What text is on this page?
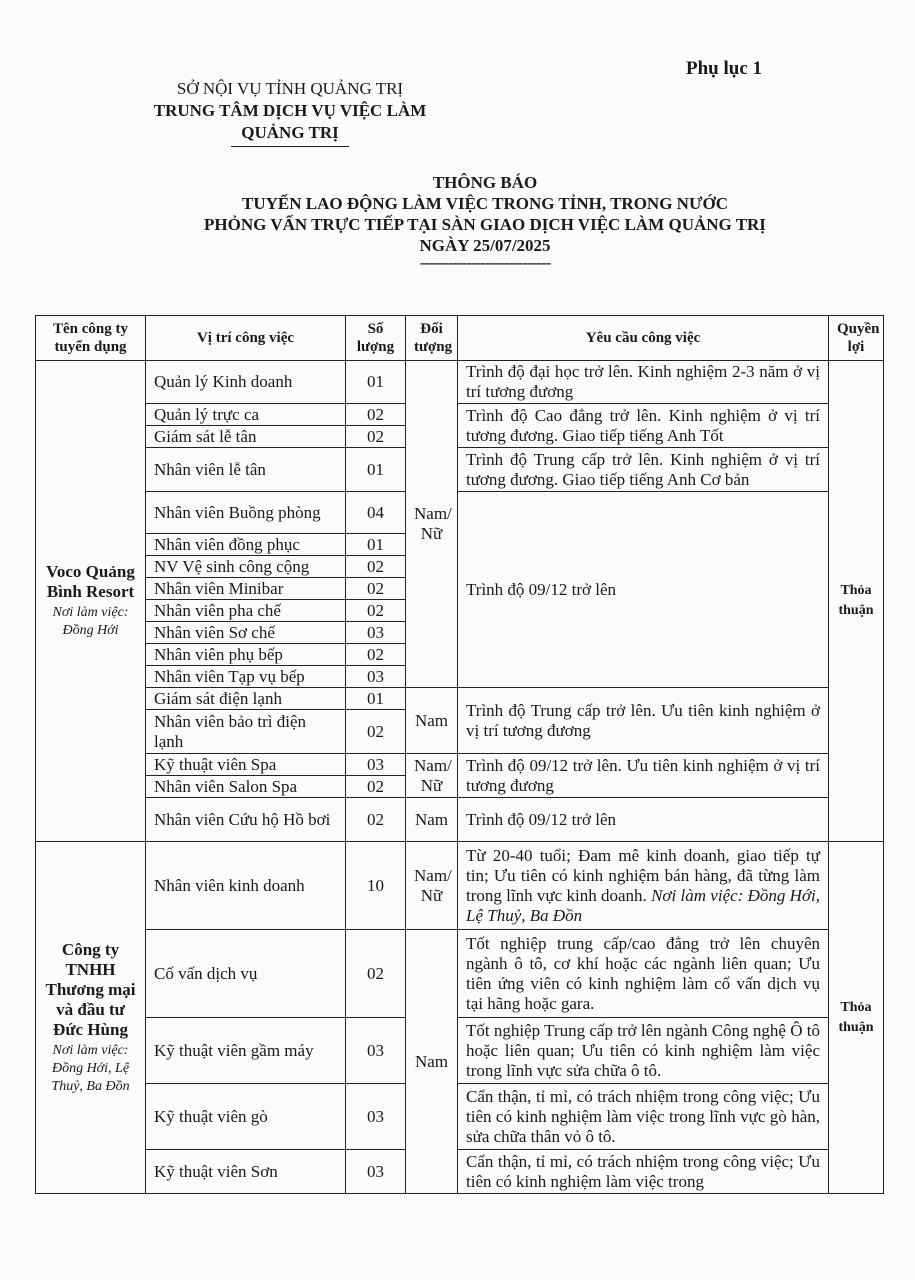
Phụ lục 1
SỞ NỘI VỤ TỈNH QUẢNG TRỊ
TRUNG TÂM DỊCH VỤ VIỆC LÀM
QUẢNG TRỊ
THÔNG BÁO
TUYỂN LAO ĐỘNG LÀM VIỆC TRONG TỈNH, TRONG NƯỚC
PHỎNG VẤN TRỰC TIẾP TẠI SÀN GIAO DỊCH VIỆC LÀM QUẢNG TRỊ
NGÀY 25/07/2025
----------------------------
Tên công ty tuyển dụng	Vị trí công việc	Số lượng	Đối tượng	Yêu cầu công việc	Quyền lợi
Voco Quảng Bình Resort
Nơi làm việc: Đồng Hới	Quản lý Kinh doanh	01	Nam/ Nữ	Trình độ đại học trở lên. Kinh nghiệm 2-3 năm ở vị trí tương đương	Thỏa thuận
	Quản lý trực ca	02		Trình độ Cao đẳng trở lên. Kinh nghiệm ở vị trí tương đương. Giao tiếp tiếng Anh Tốt	
	Giám sát lễ tân	02			
	Nhân viên lễ tân	01		Trình độ Trung cấp trở lên. Kinh nghiệm ở vị trí tương đương. Giao tiếp tiếng Anh Cơ bản	
	Nhân viên Buồng phòng	04		Trình độ 09/12 trở lên	
	Nhân viên đồng phục	01			
	NV Vệ sinh công cộng	02			
	Nhân viên Minibar	02			
	Nhân viên pha chế	02			
	Nhân viên Sơ chế	03			
	Nhân viên phụ bếp	02			
	Nhân viên Tạp vụ bếp	03			
	Giám sát điện lạnh	01	Nam	Trình độ Trung cấp trở lên. Ưu tiên kinh nghiệm ở vị trí tương đương	
	Nhân viên bảo trì điện lạnh	02			
	Kỹ thuật viên Spa	03	Nam/ Nữ	Trình độ 09/12 trở lên. Ưu tiên kinh nghiệm ở vị trí tương đương	
	Nhân viên Salon Spa	02			
	Nhân viên Cứu hộ Hồ bơi	02	Nam	Trình độ 09/12 trở lên	
Công ty TNHH Thương mại và đầu tư Đức Hùng
Nơi làm việc: Đồng Hới, Lệ Thuỷ, Ba Đồn	Nhân viên kinh doanh	10	Nam/ Nữ	Từ 20-40 tuổi; Đam mê kinh doanh, giao tiếp tự tin; Ưu tiên có kinh nghiệm bán hàng, đã từng làm trong lĩnh vực kinh doanh. Nơi làm việc: Đồng Hới, Lệ Thuỷ, Ba Đồn	Thỏa thuận
	Cố vấn dịch vụ	02	Nam	Tốt nghiệp trung cấp/cao đẳng trở lên chuyên ngành ô tô, cơ khí hoặc các ngành liên quan; Ưu tiên ứng viên có kinh nghiệm làm cố vấn dịch vụ tại hãng hoặc gara.	
	Kỹ thuật viên gầm máy	03		Tốt nghiệp Trung cấp trở lên ngành Công nghệ Ô tô hoặc liên quan; Ưu tiên có kinh nghiệm làm việc trong lĩnh vực sửa chữa ô tô.	
	Kỹ thuật viên gò	03		Cẩn thận, tỉ mỉ, có trách nhiệm trong công việc; Ưu tiên có kinh nghiệm làm việc trong lĩnh vực gò hàn, sửa chữa thân vỏ ô tô.	
	Kỹ thuật viên Sơn	03		Cẩn thận, tỉ mỉ, có trách nhiệm trong công việc; Ưu tiên có kinh nghiệm làm việc trong	
